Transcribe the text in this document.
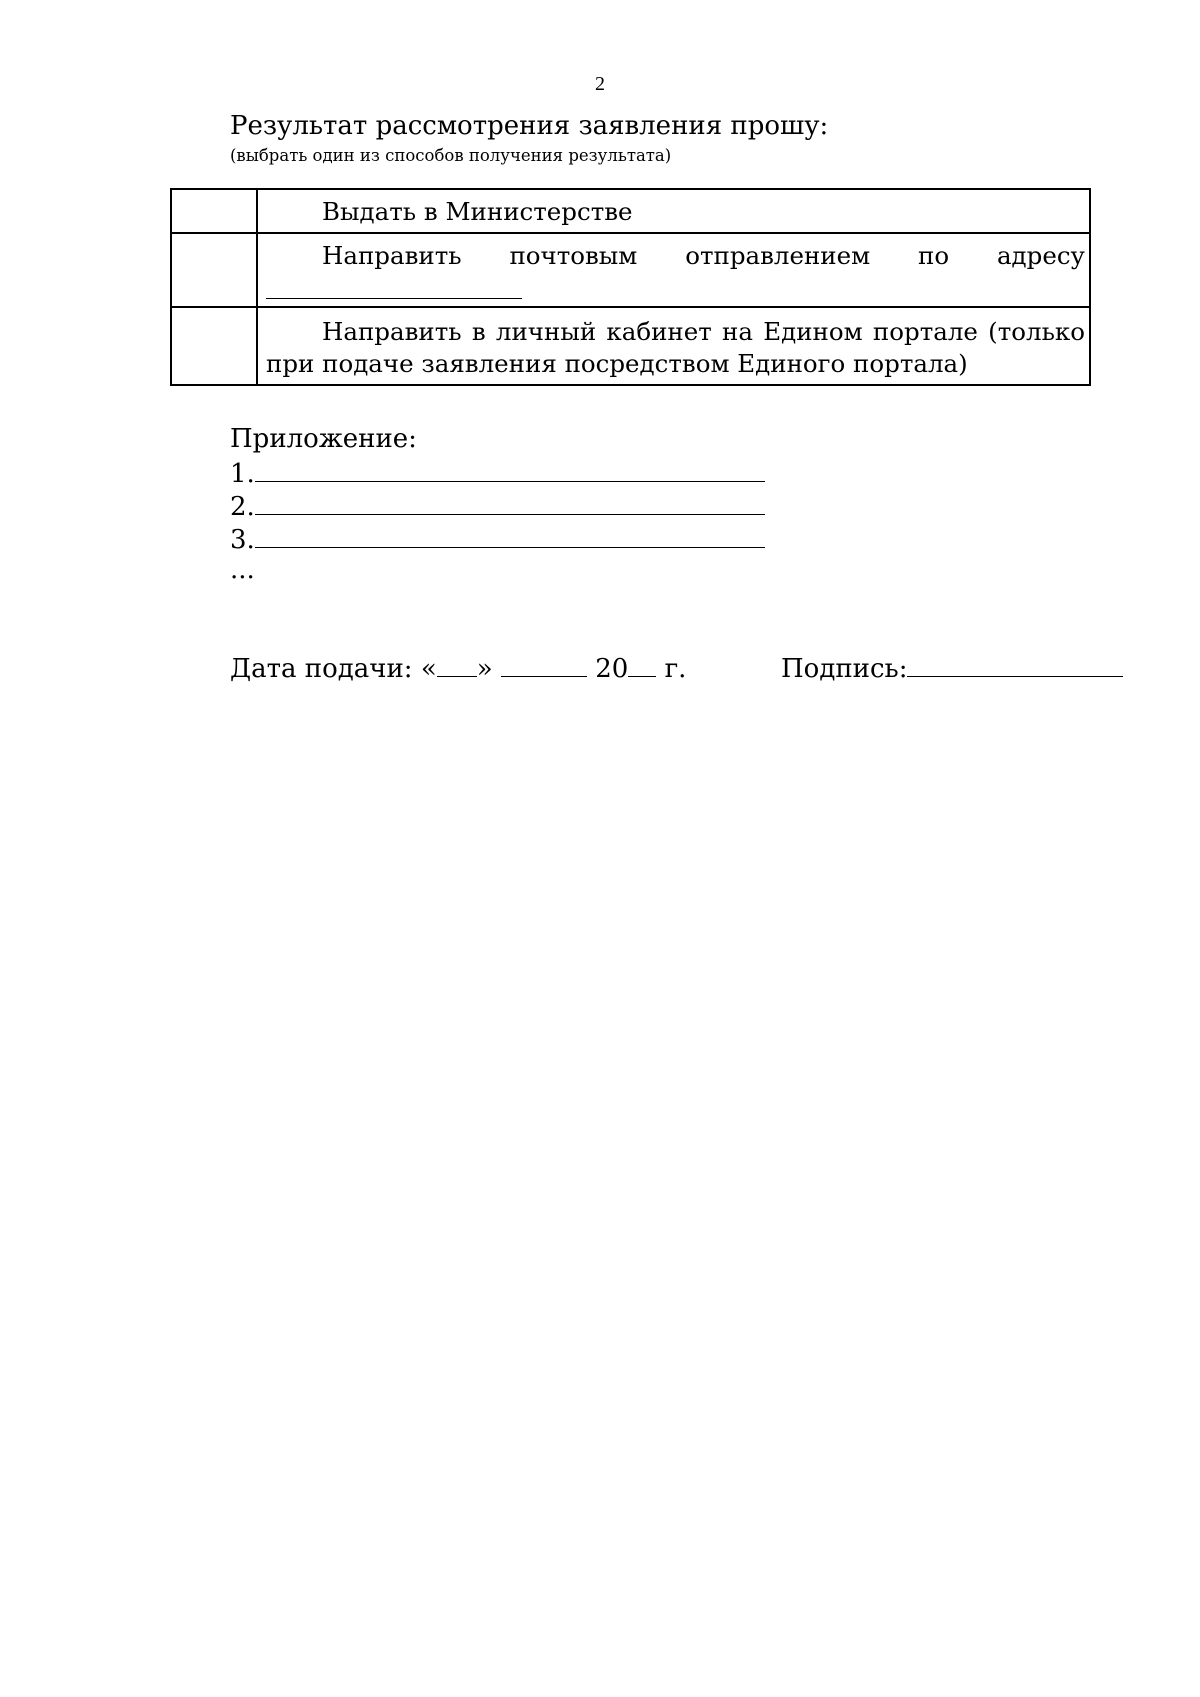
2
Результат рассмотрения заявления прошу:
(выбрать один из способов получения результата)

	Выдать в Министерстве

	Направить почтовым отправлением по адресу

	Направить в личный кабинет на Едином портале (только при подаче заявления посредством Единого портала)
Приложение:
1.
2.
3.
...
Дата подачи: « »	20 г.	Подпись:
